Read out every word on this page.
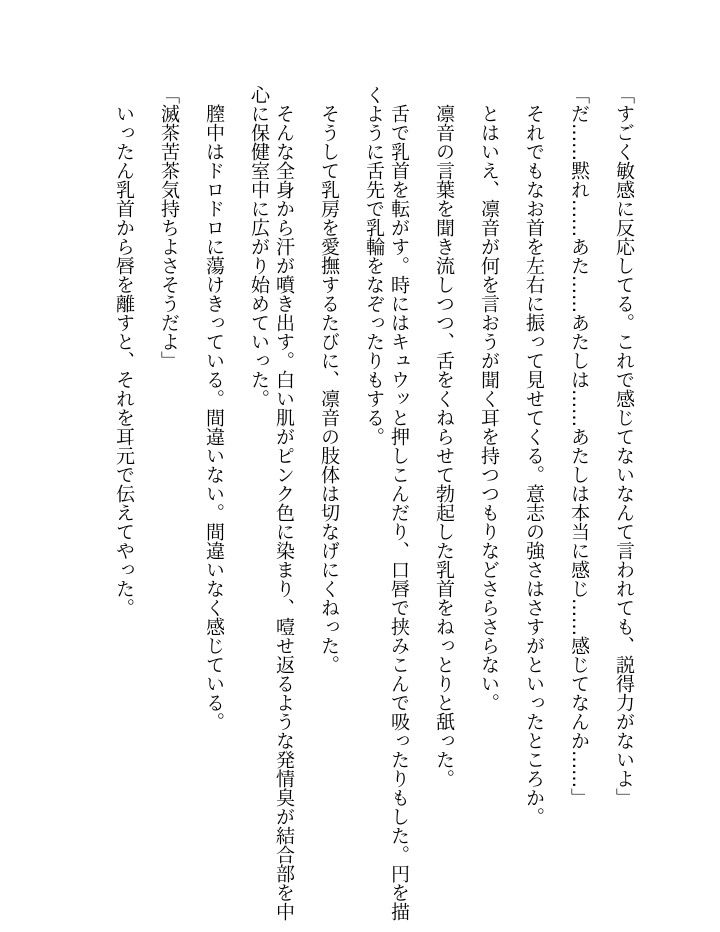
「すごく敏感に反応してる。これで感じてないなんて言われても、説得力がないよ」

「だ……黙れ……あた……あたしは……あたしは本当に感じ……感じてなんか……」

それでもなお首を左右に振って見せてくる。意志の強さはさすがといったところか。

とはいえ、凛音が何を言おうが聞く耳を持つつもりなどさらさらない。

凛音の言葉を聞き流しつつ、舌をくねらせて勃起した乳首をねっとりと舐った。

舌で乳首を転がす。時にはキュウッと押しこんだり、口唇で挟みこんで吸ったりもした。円を描
くように舌先で乳輪をなぞったりもする。

そうして乳房を愛撫するたびに、凛音の肢体は切なげにくねった。

そんな全身から汗が噴き出す。白い肌がピンク色に染まり、噎せ返るような発情臭が結合部を中
心に保健室中に広がり始めていった。

膣中はドロドロに蕩けきっている。間違いない。間違いなく感じている。

「滅茶苦茶気持ちよさそうだよ」

いったん乳首から唇を離すと、それを耳元で伝えてやった。
